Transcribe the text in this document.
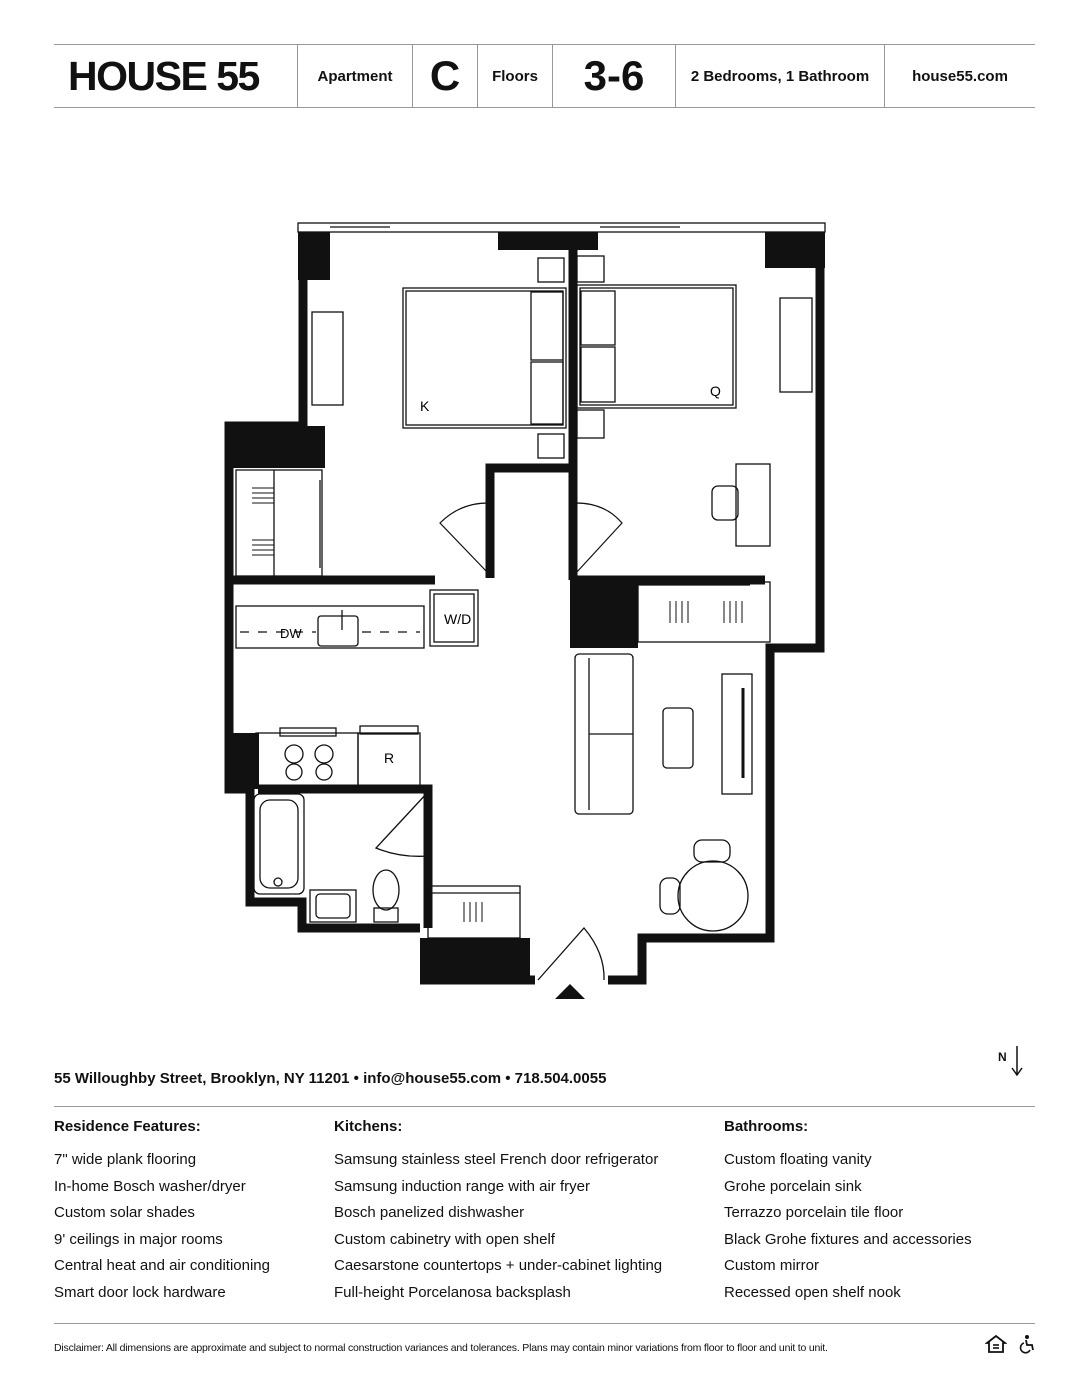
HOUSE 55	Apartment C	Floors	3-6	2 Bedrooms, 1 Bathroom	house55.com
K
Q
DW
W/D
R
55 Willoughby Street, Brooklyn, NY 11201 • info@house55.com • 718.504.0055
N
Residence Features:
7" wide plank flooring
In-home Bosch washer/dryer
Custom solar shades
9' ceilings in major rooms
Central heat and air conditioning
Smart door lock hardware
Kitchens:
Samsung stainless steel French door refrigerator
Samsung induction range with air fryer
Bosch panelized dishwasher
Custom cabinetry with open shelf
Caesarstone countertops + under-cabinet lighting
Full-height Porcelanosa backsplash
Bathrooms:
Custom floating vanity
Grohe porcelain sink
Terrazzo porcelain tile floor
Black Grohe fixtures and accessories
Custom mirror
Recessed open shelf nook
Disclaimer: All dimensions are approximate and subject to normal construction variances and tolerances. Plans may contain minor variations from floor to floor and unit to unit.
